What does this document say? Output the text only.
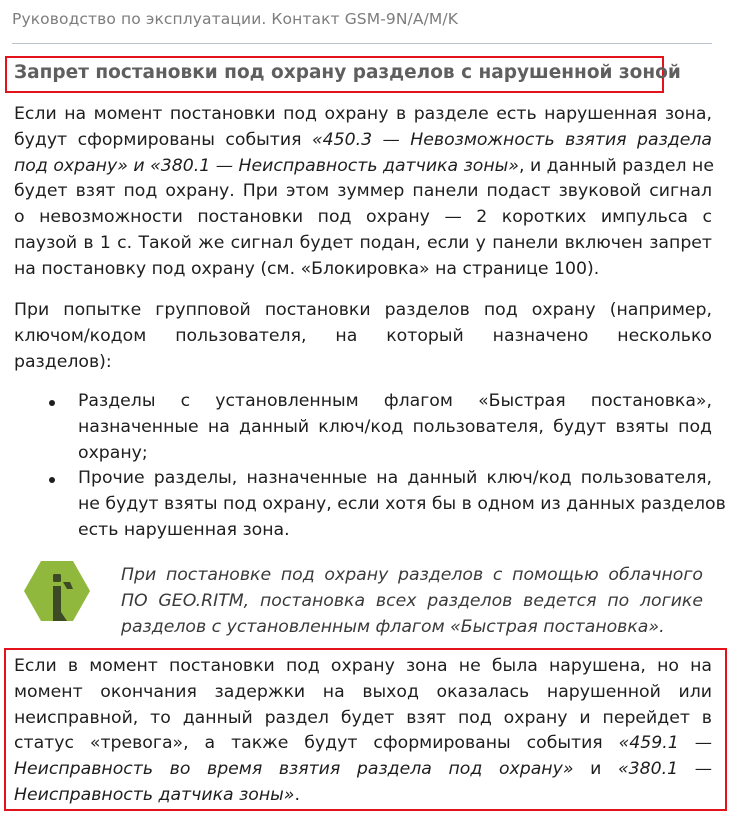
Руководство по эксплуатации. Контакт GSM-9N/A/M/K
Запрет постановки под охрану разделов с нарушенной зоной

Если на момент постановки под охрану в разделе есть нарушенная зона,
будут сформированы события «450.3 — Невозможность взятия раздела
под охрану» и «380.1 — Неисправность датчика зоны», и данный раздел не
будет взят под охрану. При этом зуммер панели подаст звуковой сигнал
о невозможности постановки под охрану — 2 коротких импульса с
паузой в 1 с. Такой же сигнал будет подан, если у панели включен запрет
на постановку под охрану (см. «Блокировка» на странице 100).

При попытке групповой постановки разделов под охрану (например,
ключом/кодом пользователя, на который назначено несколько
разделов):

Разделы с установленным флагом «Быстрая постановка»,
назначенные на данный ключ/код пользователя, будут взяты под
охрану;

Прочие разделы, назначенные на данный ключ/код пользователя,
не будут взяты под охрану, если хотя бы в одном из данных разделов
есть нарушенная зона.

При постановке под охрану разделов с помощью облачного
ПО GEO.RITM, постановка всех разделов ведется по логике
разделов с установленным флагом «Быстрая постановка».

Если в момент постановки под охрану зона не была нарушена, но на
момент окончания задержки на выход оказалась нарушенной или
неисправной, то данный раздел будет взят под охрану и перейдет в
статус «тревога», а также будут сформированы события «459.1 —
Неисправность во время взятия раздела под охрану» и «380.1 —
Неисправность датчика зоны».
